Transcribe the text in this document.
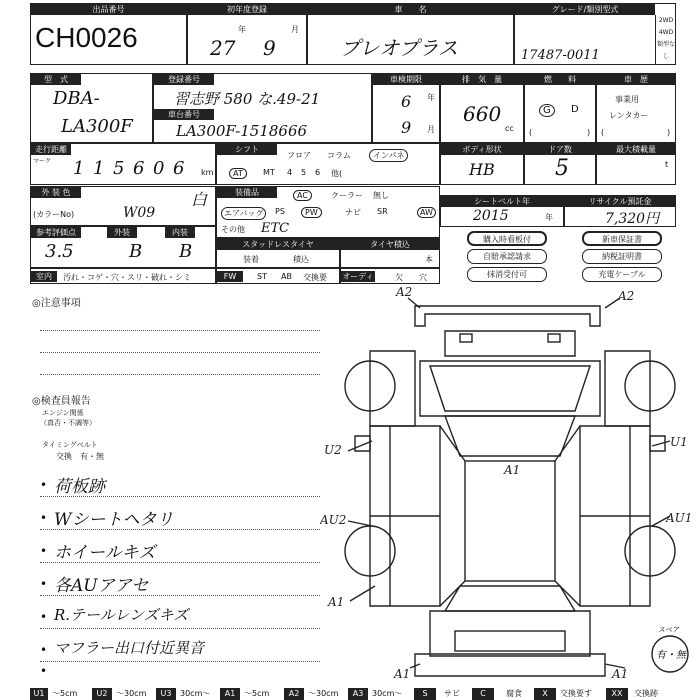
出品番号
CH0026
初年度登録
年	月
27 9
車　　名
プレオプラス
グレード/類別型式
17487-0011
2WD
4WD
類型なし
型　式
DBA-
LA300F
登録番号
習志野 580 な.49-21
車台番号
LA300F-1518666
車検期限
年
月
6
9
排　気　量
660
cc
燃　　料
G	D
(	)
車　歴
事業用
レンタカー
(	)
走行距離
マーク 1 1 5 6 0 6 km
シフト
フロア コラム	インパネ
AT	MT 4 5 6 他(
ボディ形状
HB
ドア数
5
最大積載量
t
外 装 色	白
(カラーNo)	W09
装備品	AC	クーラー 無し
エアバッグ	PS	PW	ナビ SR	AW
その他 ETC
シートベルト年
2015	年
リサイクル預託金
7,320円
参考評価点	外装	内装
3.5	B B	スタッドレスタイヤ
装着	積込
タイヤ積込
本
購入時看板付	新車保証書
自賠承認請求	納税証明書
抹消受付可	充電ケーブル
室内	汚れ・コゲ・穴・スリ・破れ・シミ	FW	ST AB 交換要 オーディオ
欠 穴
◎注意事項
◎検査員報告
エンジン関係
（真否・不調等）
タイミングベルト
交換　有・無
• 荷板跡
• Wシートヘタリ
• ホイールキズ
• 各AUアアセ
• R.テールレンズキズ
• マフラー出口付近異音
•
スペア
有・無
A2	A2
U2
AU2
A1
A1
A1	A1
U1
AU1
U1 ～5cm	U2	～30cm	U3	30cm～	A1	～5cm	A2	～30cm	A3	30cm～	S	サビ	C	腐食	X	交換要す	XX	交換跡
